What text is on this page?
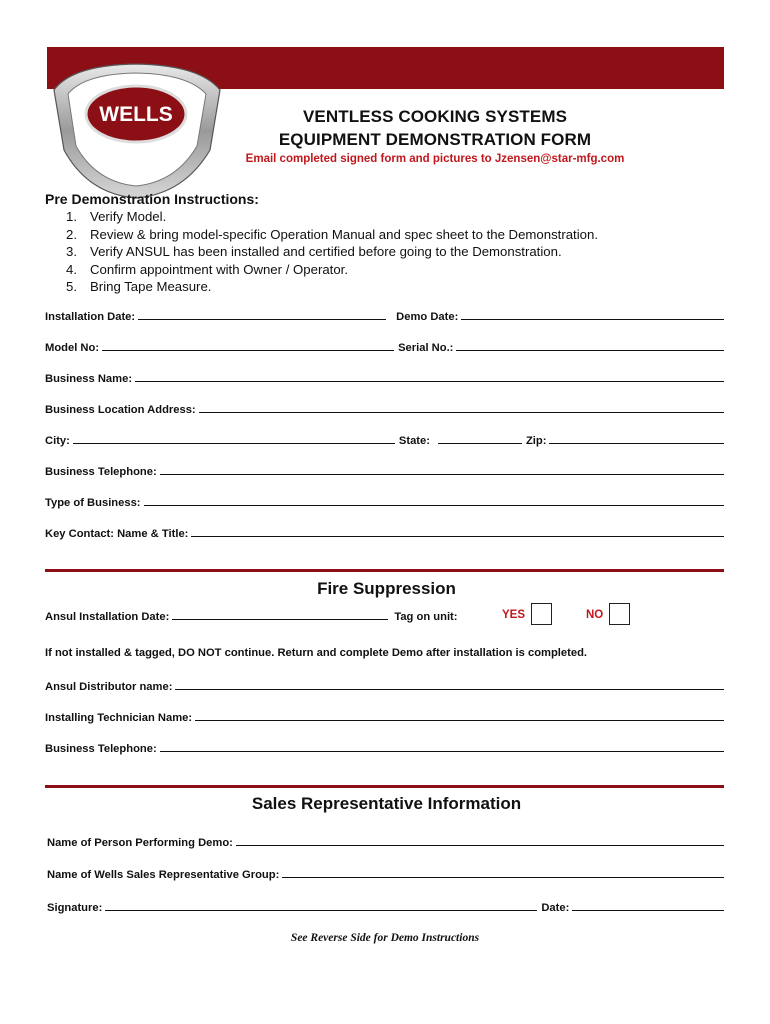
WELLS	VENTLESS COOKING SYSTEMS
EQUIPMENT DEMONSTRATION FORM
Email completed signed form and pictures to Jzensen@star-mfg.com
Pre Demonstration Instructions:
1. Verify Model.
2. Review & bring model-specific Operation Manual and spec sheet to the Demonstration.
3. Verify ANSUL has been installed and certified before going to the Demonstration.
4. Confirm appointment with Owner / Operator.
5. Bring Tape Measure.
Installation Date:	Demo Date:
Model No:	Serial No.:
Business Name:
Business Location Address:
City:	State:	Zip:
Business Telephone:
Type of Business:
Key Contact: Name & Title:
Fire Suppression
Ansul Installation Date:	Tag on unit:	YES	NO
If not installed & tagged, DO NOT continue. Return and complete Demo after installation is completed.
Ansul Distributor name:
Installing Technician Name:
Business Telephone:
Sales Representative Information
Name of Person Performing Demo:
Name of Wells Sales Representative Group:
Signature:	Date:
See Reverse Side for Demo Instructions
